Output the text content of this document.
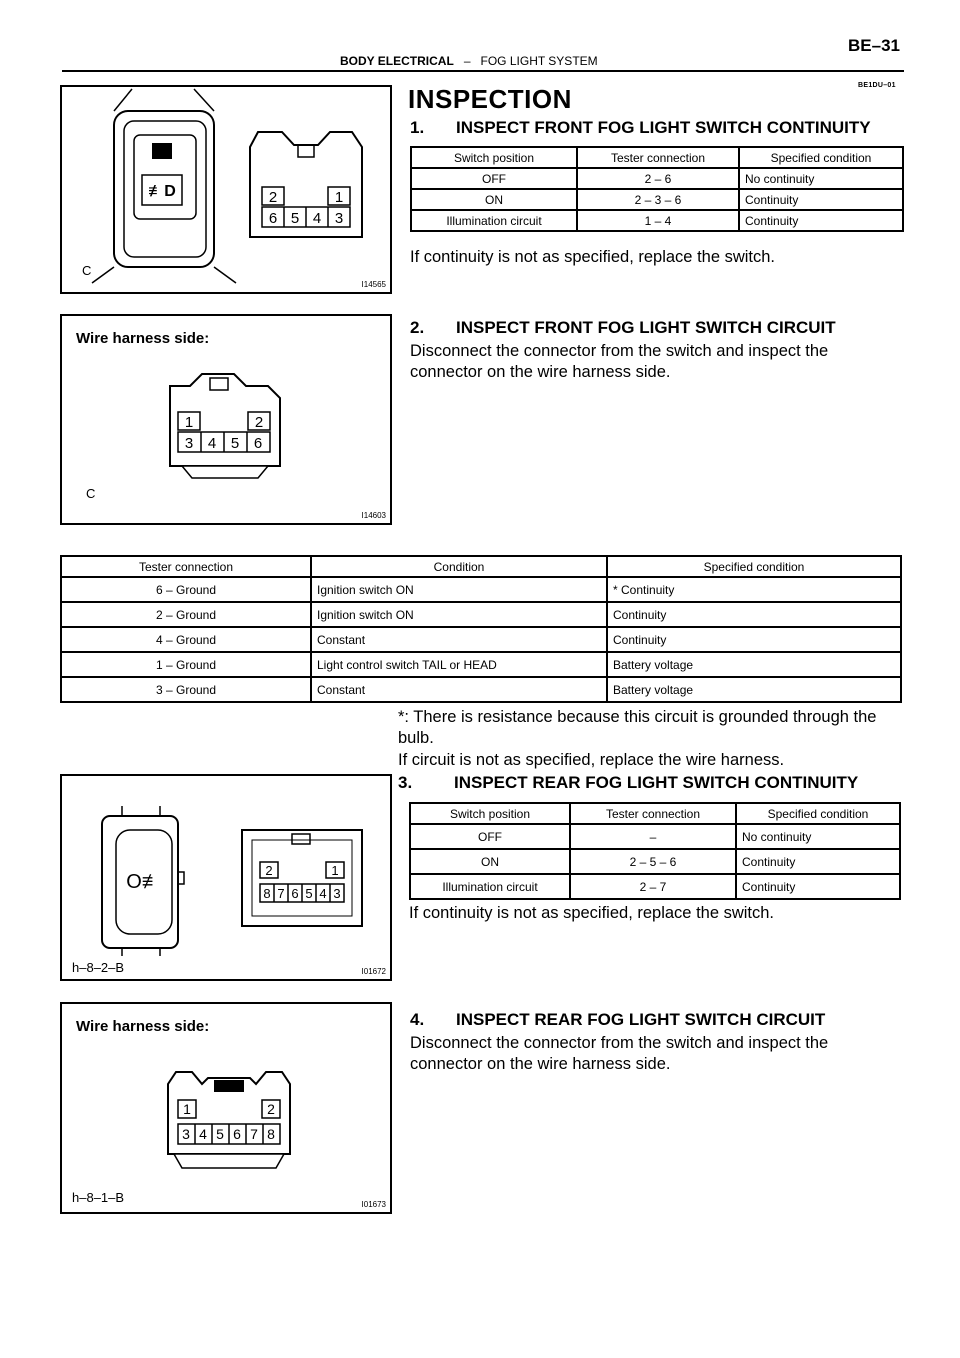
BE–31
BODY ELECTRICAL – FOG LIGHT SYSTEM
BE1DU–01
INSPECTION
≢D	2	1
6 5 4 3
C
I14565
1. INSPECT FRONT FOG LIGHT SWITCH CONTINUITY
Switch position	Tester connection	Specified condition
OFF	2 – 6	No continuity
ON	2 – 3 – 6	Continuity
Illumination circuit	1 – 4	Continuity
If continuity is not as specified, replace the switch.
Wire harness side:
1	2
3 4 5 6
C
I14603
2. INSPECT FRONT FOG LIGHT SWITCH CIRCUIT
Disconnect the connector from the switch and inspect the connector on the wire harness side.
Tester connection	Condition	Specified condition
6 – Ground	Ignition switch ON	* Continuity
2 – Ground	Ignition switch ON	Continuity
4 – Ground	Constant	Continuity
1 – Ground	Light control switch TAIL or HEAD	Battery voltage
3 – Ground	Constant	Battery voltage
*: There is resistance because this circuit is grounded through the bulb.
If circuit is not as specified, replace the wire harness.
3. INSPECT REAR FOG LIGHT SWITCH CONTINUITY
O≢
2	1
8 7 6 5 4 3
h–8–2–B	I01672
Switch position	Tester connection	Specified condition
OFF	–	No continuity
ON	2 – 5 – 6	Continuity
Illumination circuit	2 – 7	Continuity
If continuity is not as specified, replace the switch.
Wire harness side:
1	2
3 4 5 6 7 8
h–8–1–B	I01673
4. INSPECT REAR FOG LIGHT SWITCH CIRCUIT
Disconnect the connector from the switch and inspect the connector on the wire harness side.
